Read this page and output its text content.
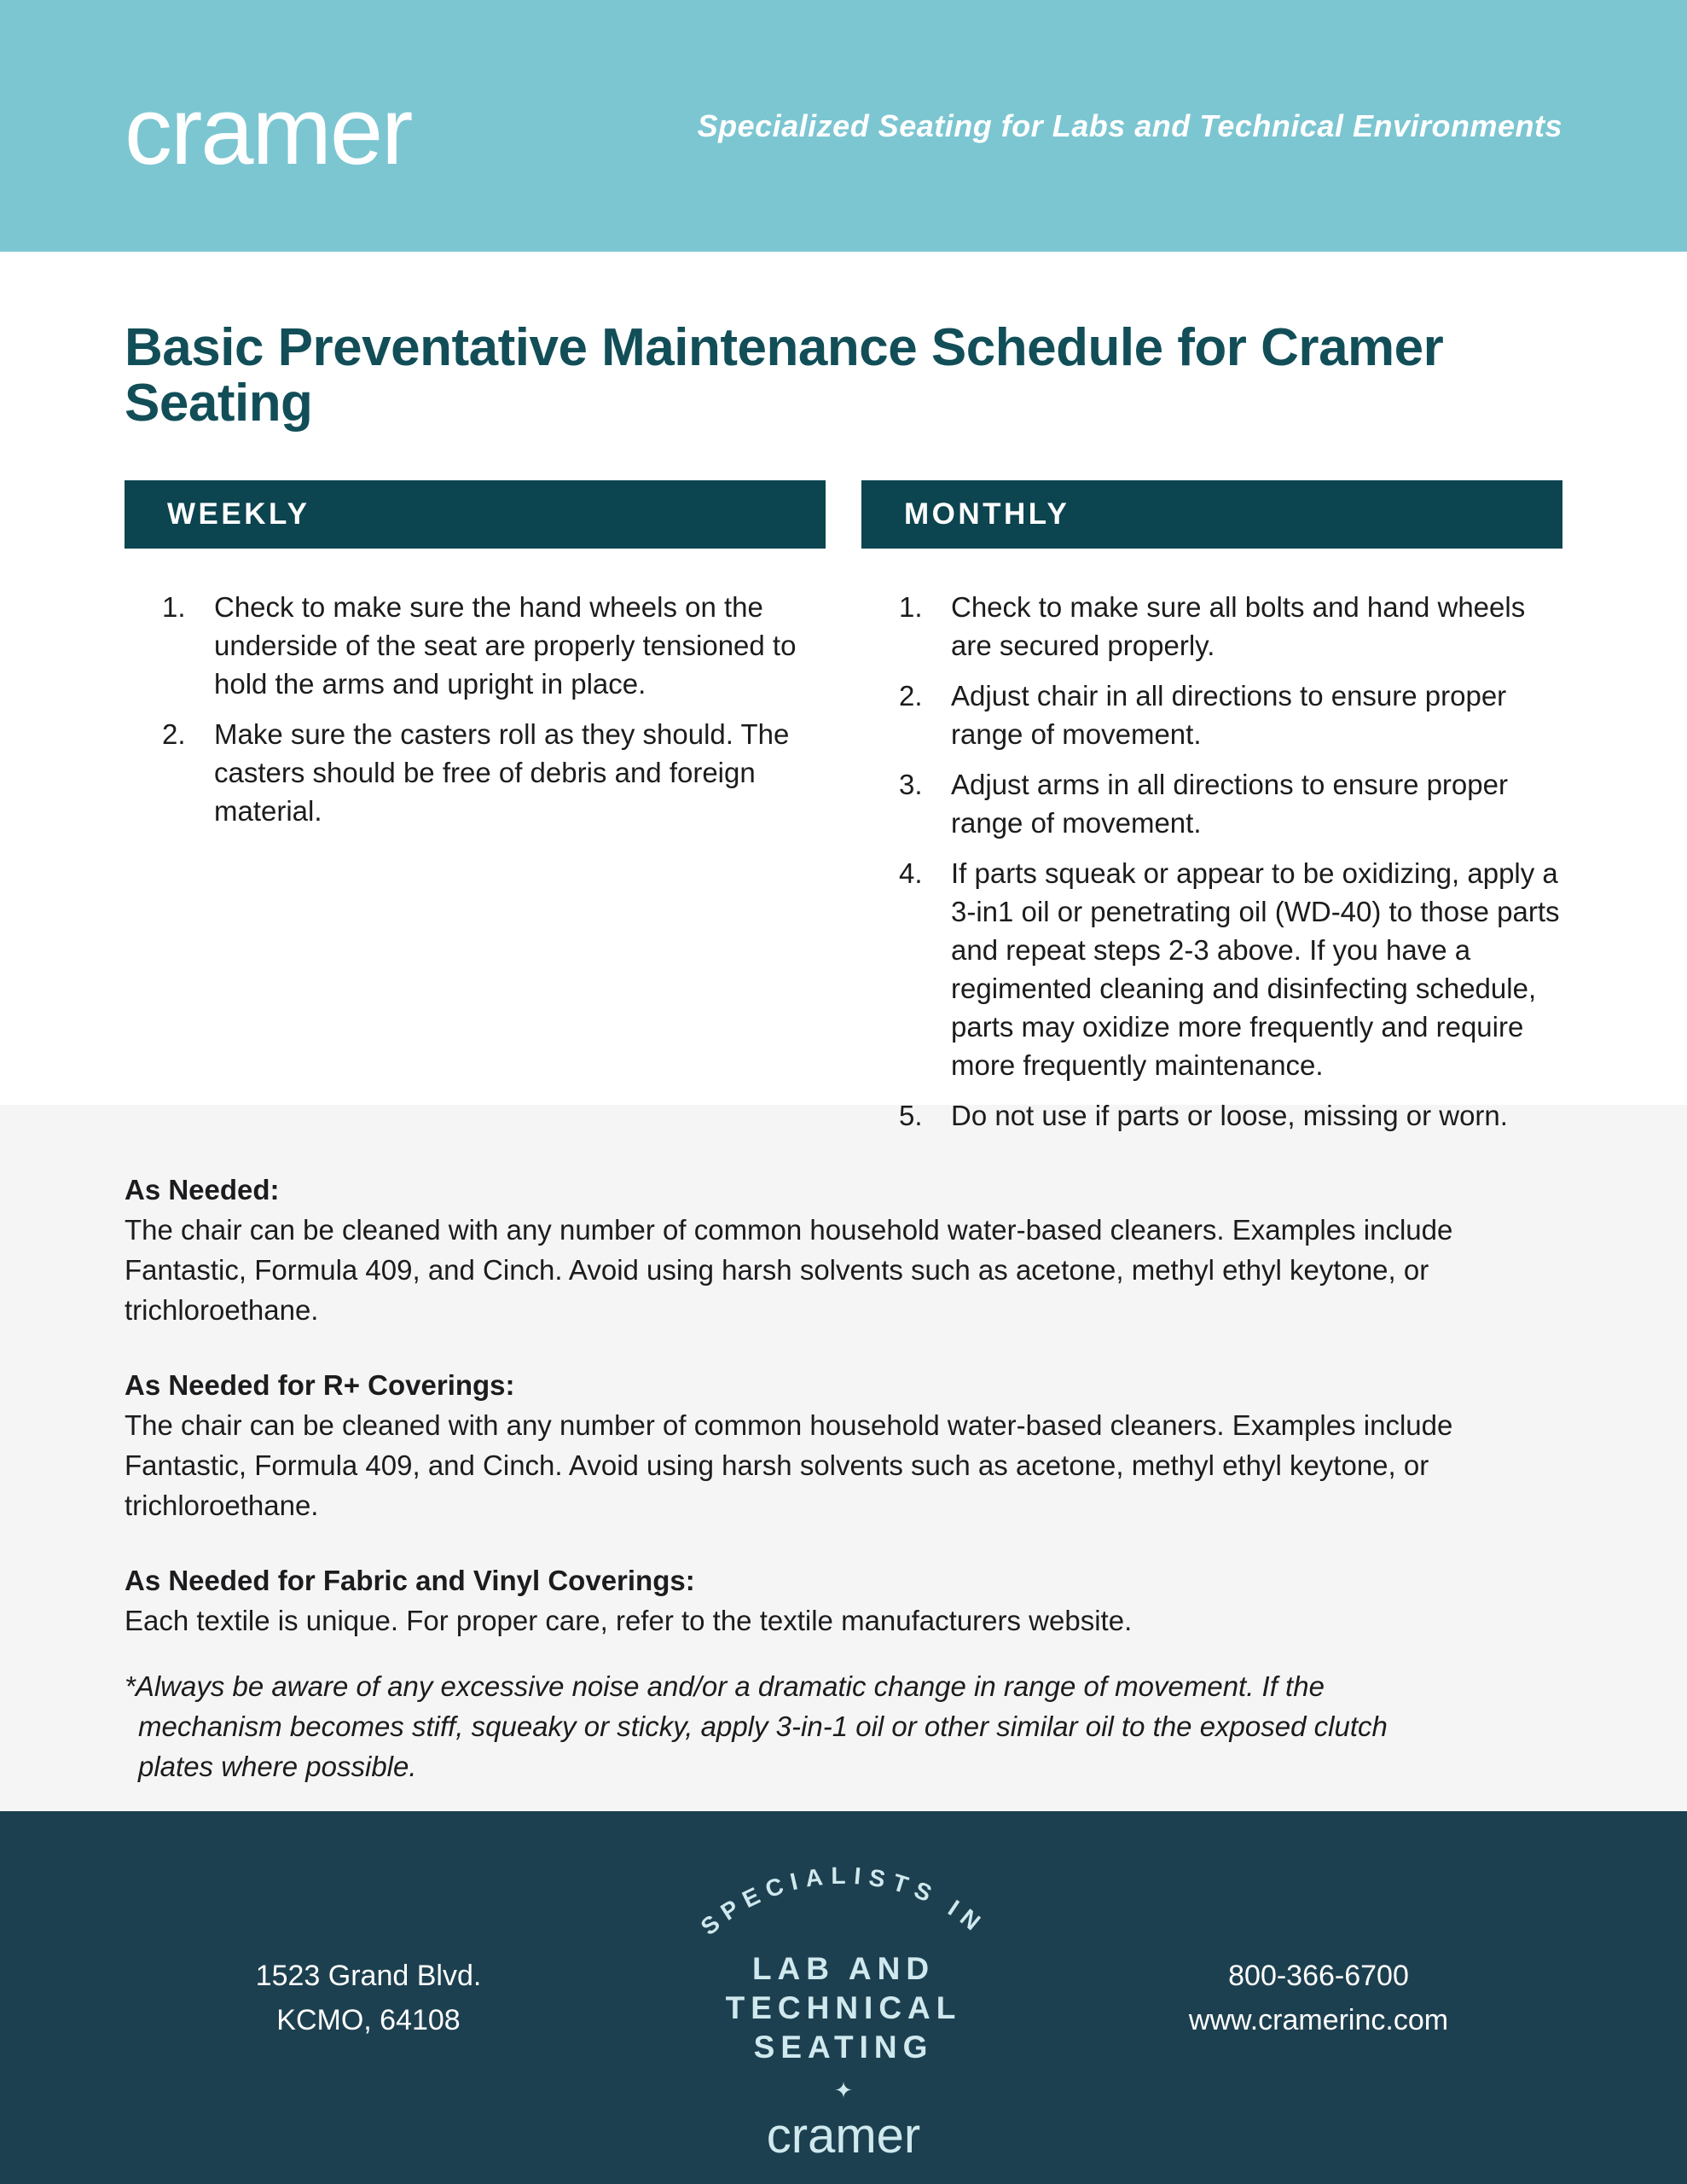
cramer	Specialized Seating for Labs and Technical Environments
Basic Preventative Maintenance Schedule for Cramer Seating
WEEKLY
Check to make sure the hand wheels on the underside of the seat are properly tensioned to hold the arms and upright in place.
Make sure the casters roll as they should. The casters should be free of debris and foreign material.
MONTHLY
Check to make sure all bolts and hand wheels are secured properly.
Adjust chair in all directions to ensure proper range of movement.
Adjust arms in all directions to ensure proper range of movement.
If parts squeak or appear to be oxidizing, apply a 3-in1 oil or penetrating oil (WD-40) to those parts and repeat steps 2-3 above. If you have a regimented cleaning and disinfecting schedule, parts may oxidize more frequently and require more frequently maintenance.
Do not use if parts or loose, missing or worn.
As Needed:

The chair can be cleaned with any number of common household water-based cleaners. Examples include Fantastic, Formula 409, and Cinch. Avoid using harsh solvents such as acetone, methyl ethyl keytone, or trichloroethane.

As Needed for R+ Coverings:

The chair can be cleaned with any number of common household water-based cleaners. Examples include Fantastic, Formula 409, and Cinch. Avoid using harsh solvents such as acetone, methyl ethyl keytone, or trichloroethane.

As Needed for Fabric and Vinyl Coverings:

Each textile is unique. For proper care, refer to the textile manufacturers website.

*Always be aware of any excessive noise and/or a dramatic change in range of movement. If the mechanism becomes stiff, squeaky or sticky, apply 3-in-1 oil or other similar oil to the exposed clutch plates where possible.

1523 Grand Blvd.
KCMO, 64108
SPECIALISTS IN
LAB AND
TECHNICAL
SEATING
✦
cramer
800-366-6700
www.cramerinc.com
